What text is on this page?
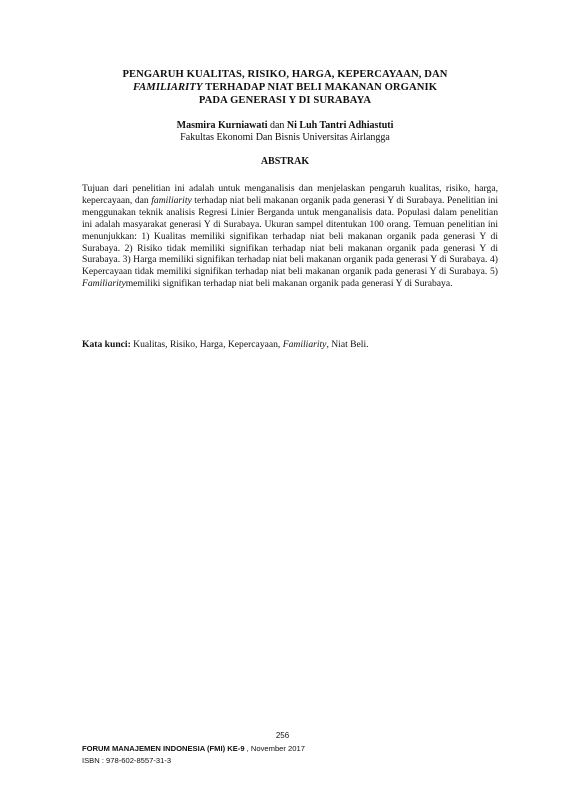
PENGARUH KUALITAS, RISIKO, HARGA, KEPERCAYAAN, DAN
FAMILIARITY TERHADAP NIAT BELI MAKANAN ORGANIK
PADA GENERASI Y DI SURABAYA
Masmira Kurniawati dan Ni Luh Tantri Adhiastuti
Fakultas Ekonomi Dan Bisnis Universitas Airlangga
ABSTRAK
Tujuan dari penelitian ini adalah untuk menganalisis dan menjelaskan pengaruh kualitas, risiko, harga, kepercayaan, dan familiarity terhadap niat beli makanan organik pada generasi Y di Surabaya. Penelitian ini menggunakan teknik analisis Regresi Linier Berganda untuk menganalisis data. Populasi dalam penelitian ini adalah masyarakat generasi Y di Surabaya. Ukuran sampel ditentukan 100 orang. Temuan penelitian ini menunjukkan: 1) Kualitas memiliki signifikan terhadap niat beli makanan organik pada generasi Y di Surabaya. 2) Risiko tidak memiliki signifikan terhadap niat beli makanan organik pada generasi Y di Surabaya. 3) Harga memiliki signifikan terhadap niat beli makanan organik pada generasi Y di Surabaya. 4) Kepercayaan tidak memiliki signifikan terhadap niat beli makanan organik pada generasi Y di Surabaya. 5) Familiaritymemiliki signifikan terhadap niat beli makanan organik pada generasi Y di Surabaya.
Kata kunci: Kualitas, Risiko, Harga, Kepercayaan, Familiarity, Niat Beli.
256
FORUM MANAJEMEN INDONESIA (FMI) KE-9 , November 2017
ISBN : 978-602-8557-31-3
